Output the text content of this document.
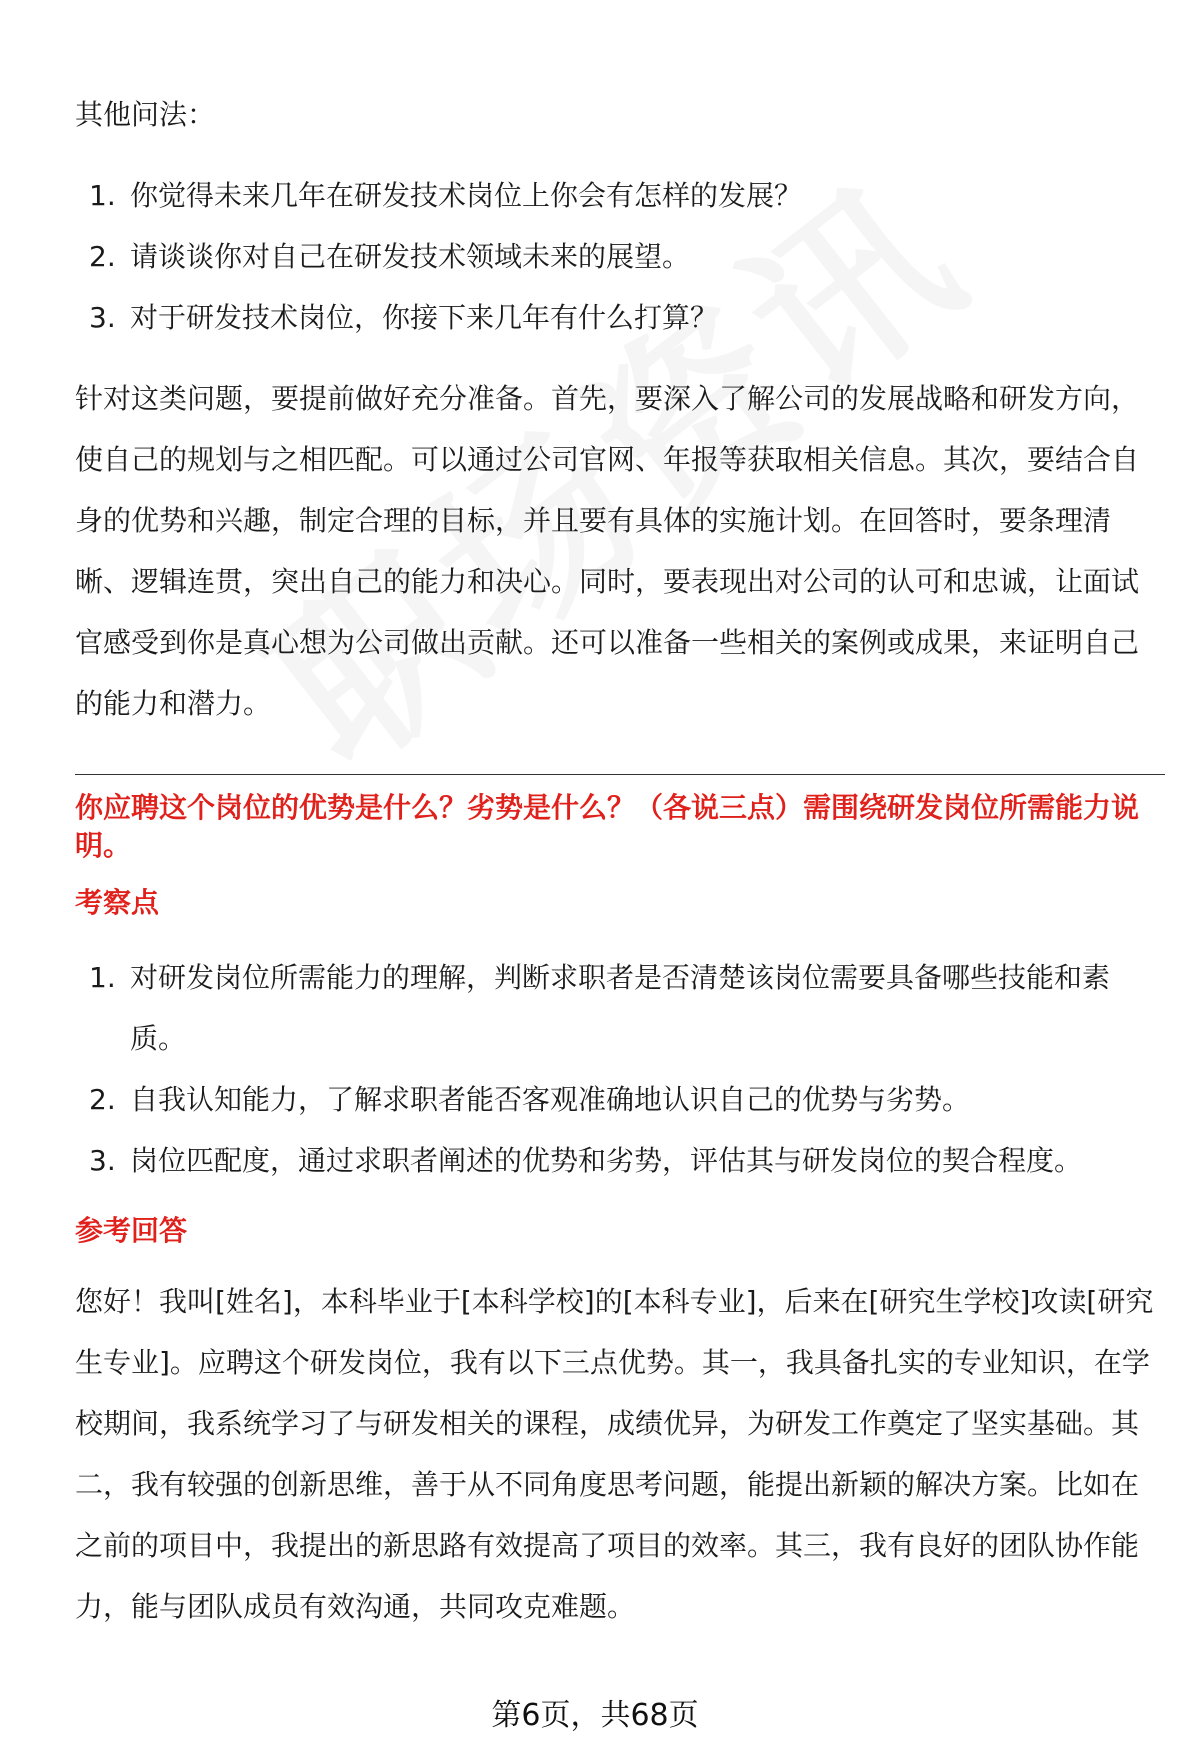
其他问法：

1. 你觉得未来几年在研发技术岗位上你会有怎样的发展？
2. 请谈谈你对自己在研发技术领域未来的展望。
3. 对于研发技术岗位，你接下来几年有什么打算？

针对这类问题，要提前做好充分准备。首先，要深入了解公司的发展战略和研发方向，使自己的规划与之相匹配。可以通过公司官网、年报等获取相关信息。其次，要结合自身的优势和兴趣，制定合理的目标，并且要有具体的实施计划。在回答时，要条理清晰、逻辑连贯，突出自己的能力和决心。同时，要表现出对公司的认可和忠诚，让面试官感受到你是真心想为公司做出贡献。还可以准备一些相关的案例或成果，来证明自己的能力和潜力。

你应聘这个岗位的优势是什么？劣势是什么？（各说三点）需围绕研发岗位所需能力说明。

考察点

1. 对研发岗位所需能力的理解，判断求职者是否清楚该岗位需要具备哪些技能和素质。
2. 自我认知能力，了解求职者能否客观准确地认识自己的优势与劣势。
3. 岗位匹配度，通过求职者阐述的优势和劣势，评估其与研发岗位的契合程度。

参考回答

您好！我叫[姓名]，本科毕业于[本科学校]的[本科专业]，后来在[研究生学校]攻读[研究生专业]。应聘这个研发岗位，我有以下三点优势。其一，我具备扎实的专业知识，在学校期间，我系统学习了与研发相关的课程，成绩优异，为研发工作奠定了坚实基础。其二，我有较强的创新思维，善于从不同角度思考问题，能提出新颖的解决方案。比如在之前的项目中，我提出的新思路有效提高了项目的效率。其三，我有良好的团队协作能力，能与团队成员有效沟通，共同攻克难题。

第6页，共68页
